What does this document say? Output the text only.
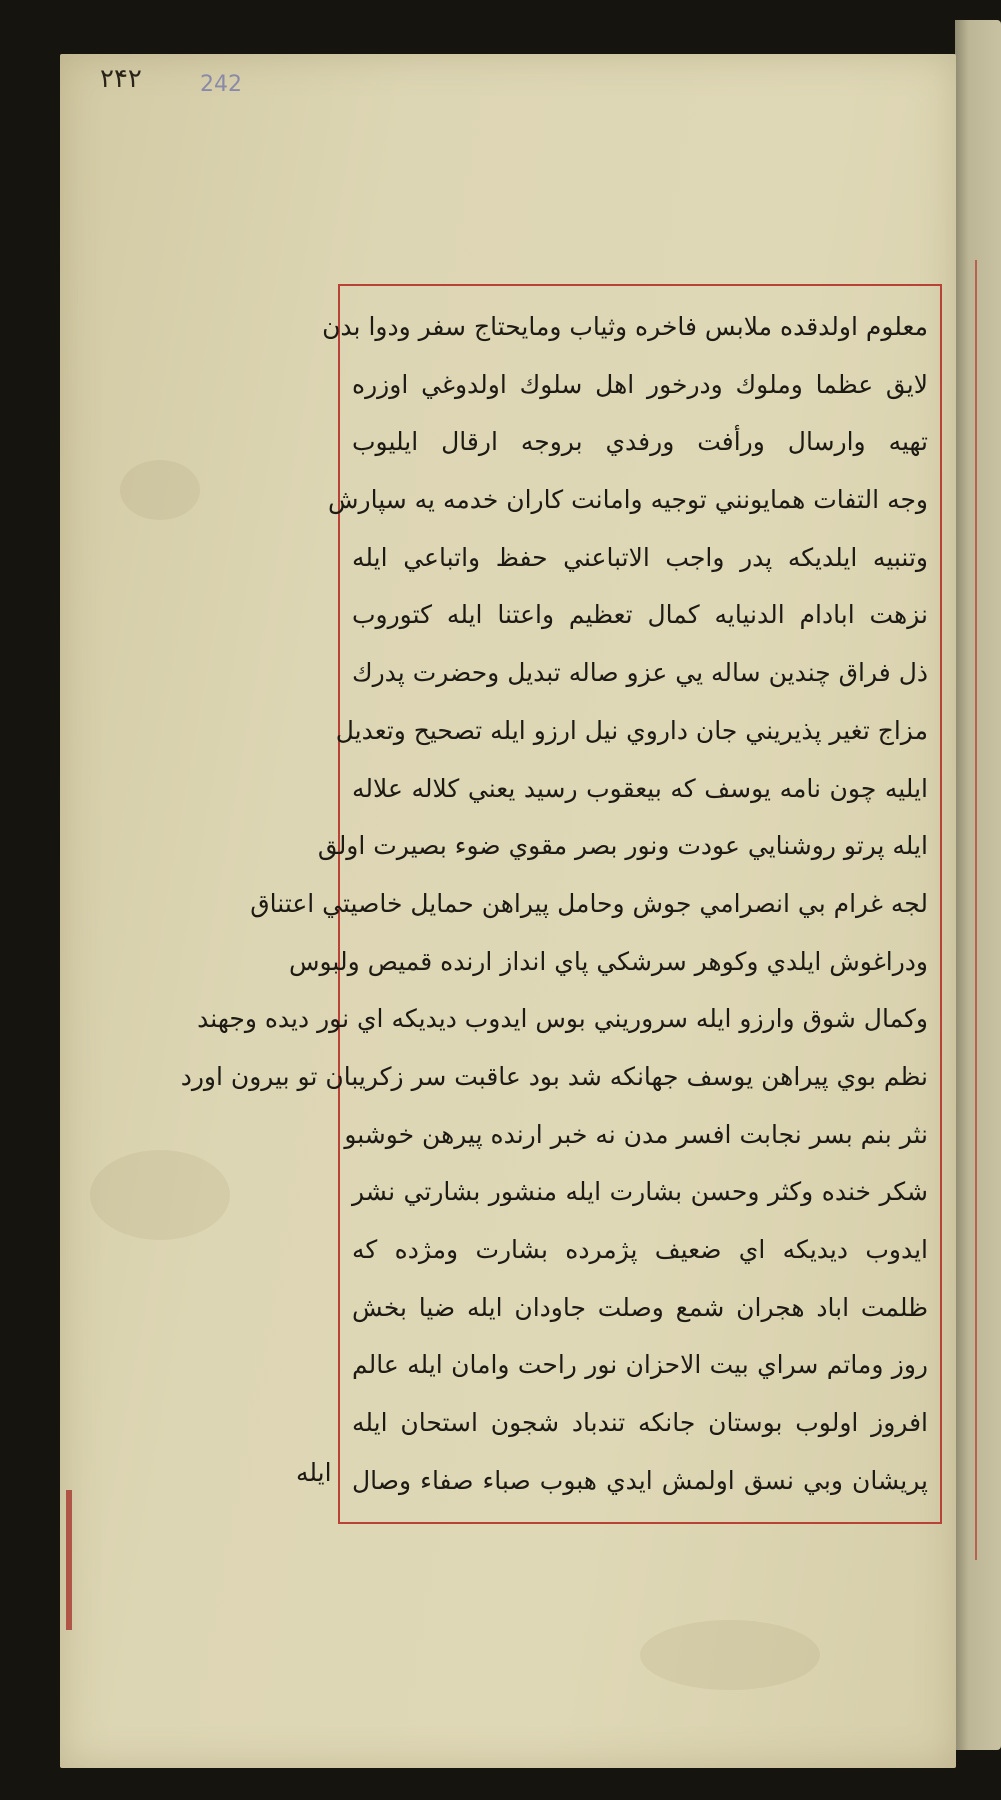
۲۴۲	242
معلوم اولدقده ملابس فاخره وثياب ومايحتاج سفر ودوا بدن
لايق عظما وملوك ودرخور اهل سلوك اولدوغي اوزره
تهيه وارسال ورأفت ورفدي بروجه ارقال ايليوب
وجه التفات همايونني توجيه وامانت كاران خدمه يه سپارش
وتنبيه ايلديكه پدر واجب الاتباعني حفظ واتباعي ايله
نزهت ابادام الدنيايه كمال تعظيم واعتنا ايله كتوروب
ذل فراق چندين ساله يي عزو صاله تبديل وحضرت پدرك
مزاج تغير پذيريني جان داروي نيل ارزو ايله تصحيح وتعديل
ايليه چون نامه يوسف كه بيعقوب رسيد يعني كلاله علاله
ايله پرتو روشنايي عودت ونور بصر مقوي ضوء بصيرت اولق
لجه غرام بي انصرامي جوش وحامل پيراهن حمايل خاصيتي اعتناق
ودراغوش ايلدي وكوهر سرشكي پاي انداز ارنده قميص ولبوس
وكمال شوق وارزو ايله سروريني بوس ايدوب ديديكه اي نور ديده وجهند
نظم بوي پيراهن يوسف جهانكه شد بود عاقبت سر زكريبان تو بيرون اورد
نثر بنم بسر نجابت افسر مدن نه خبر ارنده پيرهن خوشبو
شكر خنده وكثر وحسن بشارت ايله منشور بشارتي نشر
ايدوب ديديكه اي ضعيف پژمرده بشارت ومژده كه
ظلمت اباد هجران شمع وصلت جاودان ايله ضيا بخش
روز وماتم سراي بيت الاحزان نور راحت وامان ايله عالم
افروز اولوب بوستان جانكه تندباد شجون استحان ايله
پريشان وبي نسق اولمش ايدي هبوب صباء صفاء وصال
ايله
